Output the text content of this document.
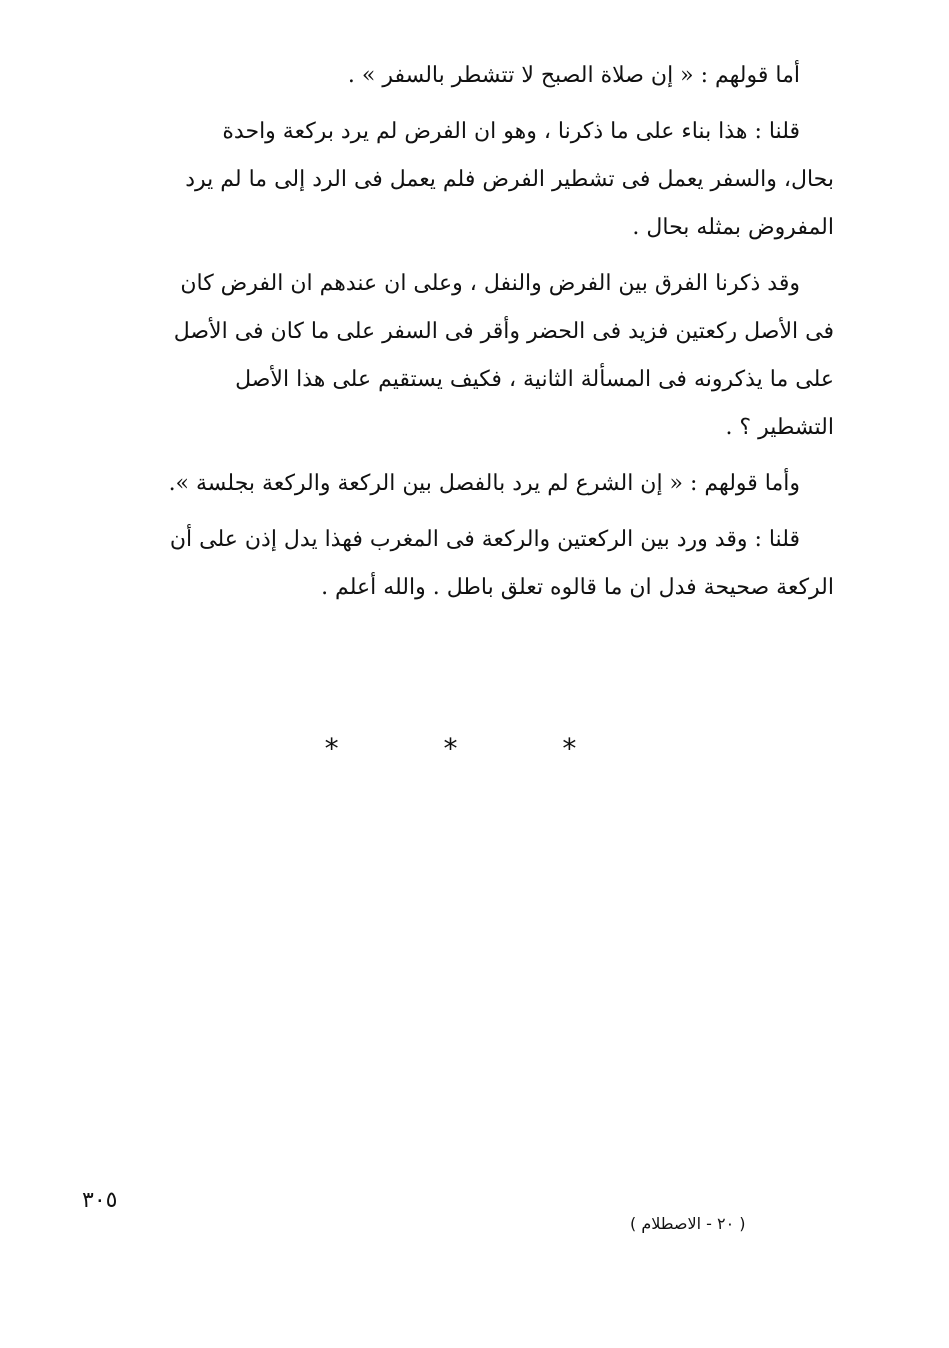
أما قولهم : « إن صلاة الصبح لا تتشطر بالسفر » .
قلنا : هذا بناء على ما ذكرنا ، وهو ان الفرض لم يرد بركعة واحدة
بحال، والسفر يعمل فى تشطير الفرض فلم يعمل فى الرد إلى ما لم يرد
المفروض بمثله بحال .
وقد ذكرنا الفرق بين الفرض والنفل ، وعلى ان عندهم ان الفرض كان
فى الأصل ركعتين فزيد فى الحضر وأقر فى السفر على ما كان فى الأصل
على ما يذكرونه فى المسألة الثانية ، فكيف يستقيم على هذا الأصل
التشطير ؟ .
وأما قولهم : « إن الشرع لم يرد بالفصل بين الركعة والركعة بجلسة ».
قلنا : وقد ورد بين الركعتين والركعة فى المغرب فهذا يدل إذن على أن
الركعة صحيحة فدل ان ما قالوه تعلق باطل . والله أعلم .
* * *
٣٠٥
( ٢٠ - الاصطلام )
